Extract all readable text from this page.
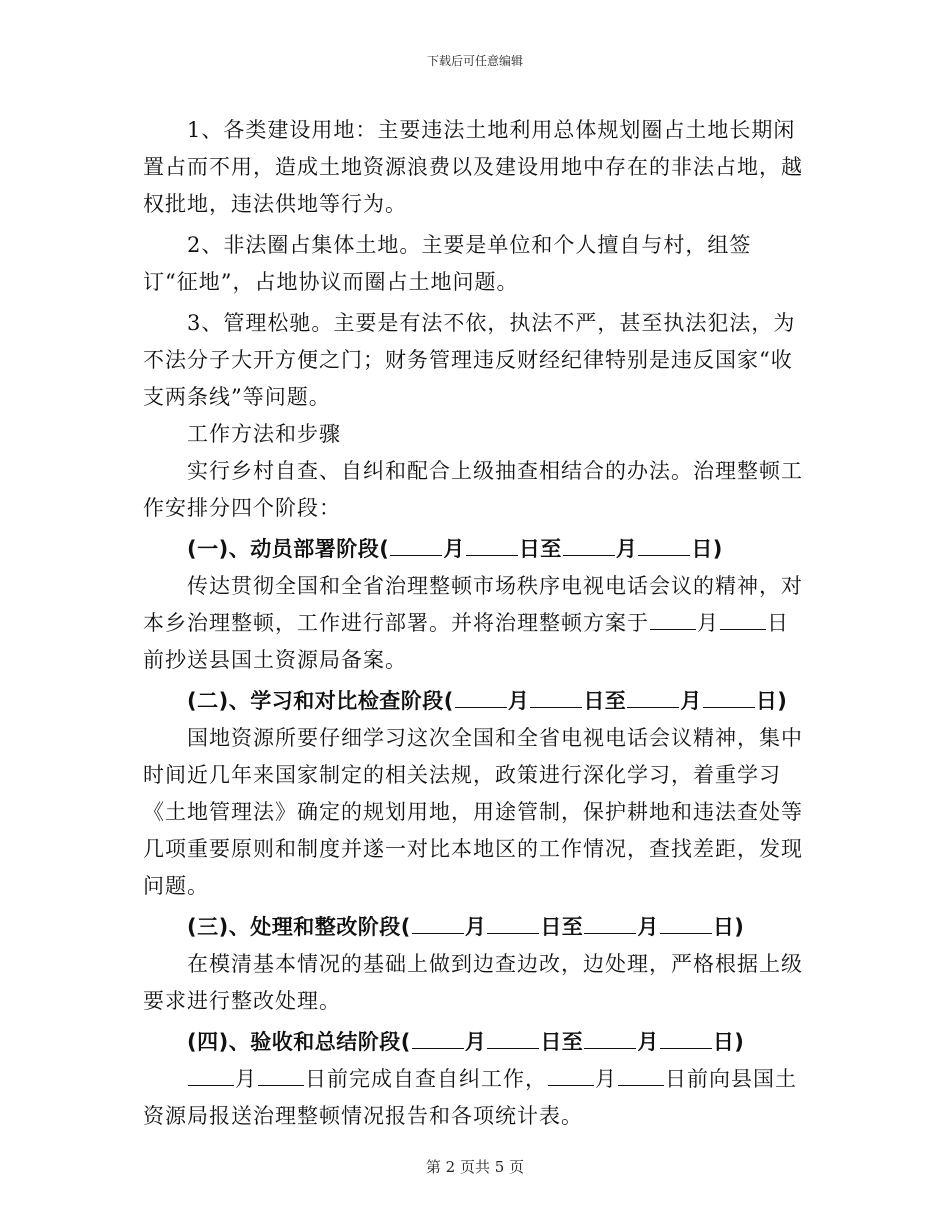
下载后可任意编辑

1、各类建设用地：主要违法土地利用总体规划圈占土地长期闲置占而不用，造成土地资源浪费以及建设用地中存在的非法占地，越权批地，违法供地等行为。

2、非法圈占集体土地。主要是单位和个人擅自与村，组签订“征地”，占地协议而圈占土地问题。

3、管理松驰。主要是有法不依，执法不严，甚至执法犯法，为不法分子大开方便之门；财务管理违反财经纪律特别是违反国家“收支两条线”等问题。

工作方法和步骤

实行乡村自查、自纠和配合上级抽查相结合的办法。治理整顿工作安排分四个阶段：

(一)、动员部署阶段(	月	日至	月	日)

传达贯彻全国和全省治理整顿市场秩序电视电话会议的精神，对本乡治理整顿，工作进行部署。并将治理整顿方案于 月 日前抄送县国土资源局备案。

(二)、学习和对比检查阶段(	月	日至	月	日)

国地资源所要仔细学习这次全国和全省电视电话会议精神，集中时间近几年来国家制定的相关法规，政策进行深化学习，着重学习《土地管理法》确定的规划用地，用途管制，保护耕地和违法查处等几项重要原则和制度并遂一对比本地区的工作情况，查找差距，发现问题。

(三)、处理和整改阶段(	月	日至	月	日)

在模清基本情况的基础上做到边查边改，边处理，严格根据上级要求进行整改处理。

(四)、验收和总结阶段(	月	日至	月	日)

月 日前完成自查自纠工作， 月 日前向县国土资源局报送治理整顿情况报告和各项统计表。

第 2 页共 5 页
